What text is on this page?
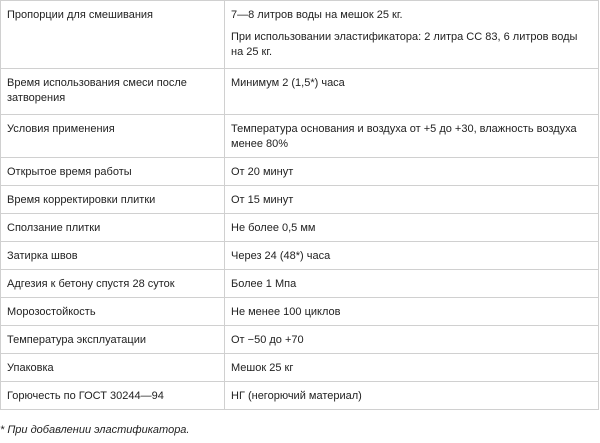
Пропорции для смешивания	7—8 литров воды на мешок 25 кг.

При использовании эластификатора: 2 литра СС 83, 6 литров воды на 25 кг.

Время использования смеси после затворения	Минимум 2 (1,5*) часа
Условия применения	Температура основания и воздуха от +5 до +30, влажность воздуха менее 80%
Открытое время работы	От 20 минут
Время корректировки плитки	От 15 минут
Сползание плитки	Не более 0,5 мм
Затирка швов	Через 24 (48*) часа
Адгезия к бетону спустя 28 суток	Более 1 Мпа
Морозостойкость	Не менее 100 циклов
Температура эксплуатации	От −50 до +70
Упаковка	Мешок 25 кг
Горючесть по ГОСТ 30244—94	НГ (негорючий материал)
* При добавлении эластификатора.
